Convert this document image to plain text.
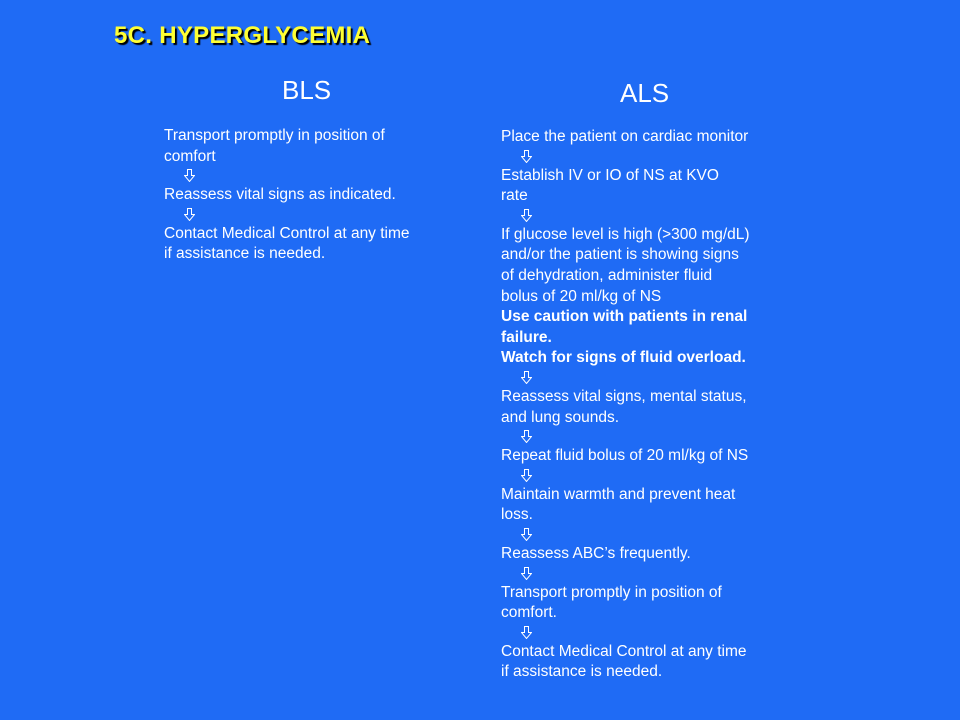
5C. HYPERGLYCEMIA
BLS	ALS
Transport promptly in position of
comfort
Reassess vital signs as indicated.
Contact Medical Control at any time
if assistance is needed.
Place the patient on cardiac monitor
Establish IV or IO of NS at KVO
rate
If glucose level is high (>300 mg/dL)
and/or the patient is showing signs
of dehydration, administer fluid
bolus of 20 ml/kg of NS
Use caution with patients in renal
failure.
Watch for signs of fluid overload.
Reassess vital signs, mental status,
and lung sounds.
Repeat fluid bolus of 20 ml/kg of NS
Maintain warmth and prevent heat
loss.
Reassess ABC’s frequently.
Transport promptly in position of
comfort.
Contact Medical Control at any time
if assistance is needed.
